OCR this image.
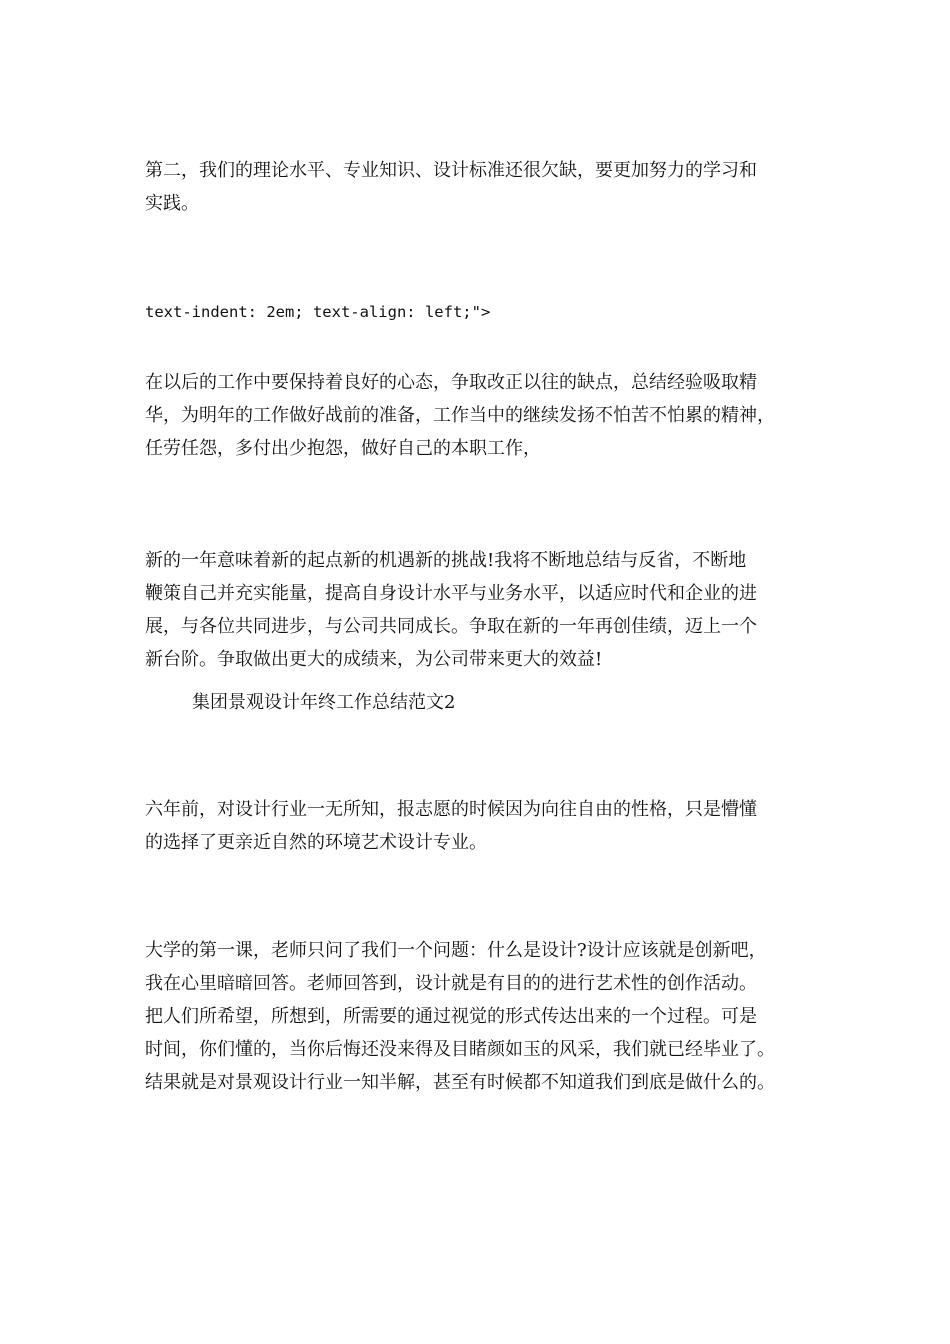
第二，我们的理论水平、专业知识、设计标准还很欠缺，要更加努力的学习和
实践。
text-indent: 2em; text-align: left;">
在以后的工作中要保持着良好的心态，争取改正以往的缺点，总结经验吸取精
华，为明年的工作做好战前的准备，工作当中的继续发扬不怕苦不怕累的精神，
任劳任怨，多付出少抱怨，做好自己的本职工作，
新的一年意味着新的起点新的机遇新的挑战!我将不断地总结与反省，不断地
鞭策自己并充实能量，提高自身设计水平与业务水平，以适应时代和企业的进
展，与各位共同进步，与公司共同成长。争取在新的一年再创佳绩，迈上一个
新台阶。争取做出更大的成绩来，为公司带来更大的效益!
集团景观设计年终工作总结范文2
六年前，对设计行业一无所知，报志愿的时候因为向往自由的性格，只是懵懂
的选择了更亲近自然的环境艺术设计专业。
大学的第一课，老师只问了我们一个问题：什么是设计?设计应该就是创新吧，
我在心里暗暗回答。老师回答到，设计就是有目的的进行艺术性的创作活动。
把人们所希望，所想到，所需要的通过视觉的形式传达出来的一个过程。可是
时间，你们懂的，当你后悔还没来得及目睹颜如玉的风采，我们就已经毕业了。
结果就是对景观设计行业一知半解，甚至有时候都不知道我们到底是做什么的。
